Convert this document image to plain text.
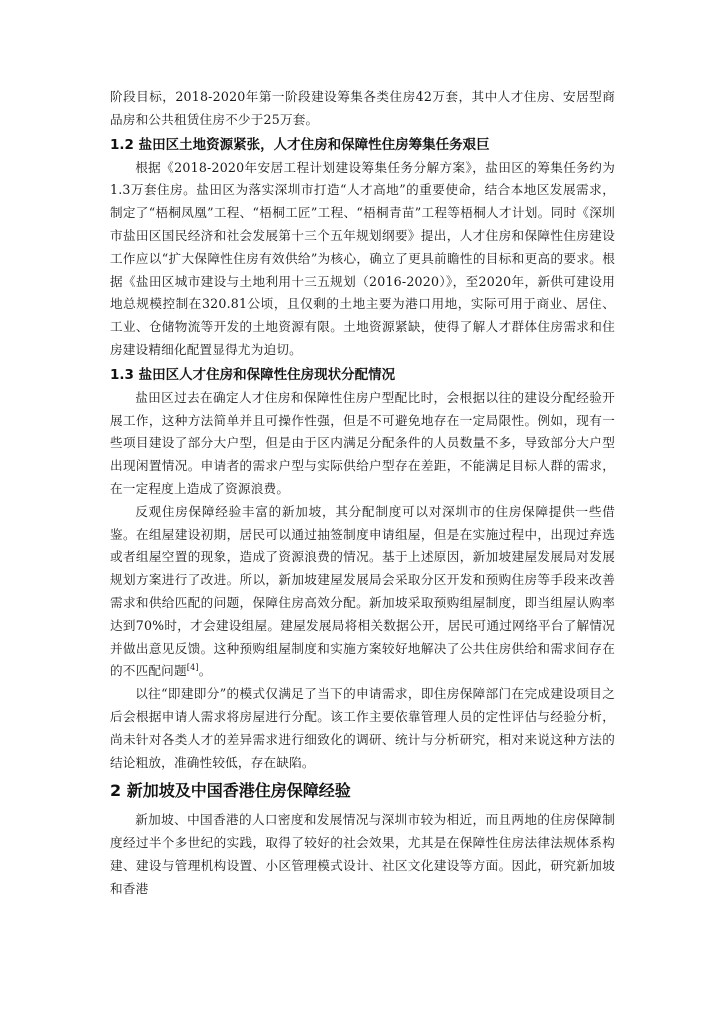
阶段目标，2018-2020年第一阶段建设筹集各类住房42万套，其中人才住房、安居型商品房和公共租赁住房不少于25万套。

1.2 盐田区土地资源紧张，人才住房和保障性住房筹集任务艰巨

根据《2018-2020年安居工程计划建设筹集任务分解方案》，盐田区的筹集任务约为1.3万套住房。盐田区为落实深圳市打造“人才高地”的重要使命，结合本地区发展需求，制定了“梧桐凤凰”工程、“梧桐工匠”工程、“梧桐青苗”工程等梧桐人才计划。同时《深圳市盐田区国民经济和社会发展第十三个五年规划纲要》提出，人才住房和保障性住房建设工作应以“扩大保障性住房有效供给”为核心，确立了更具前瞻性的目标和更高的要求。根据《盐田区城市建设与土地利用十三五规划（2016-2020）》，至2020年，新供可建设用地总规模控制在320.81公顷，且仅剩的土地主要为港口用地，实际可用于商业、居住、工业、仓储物流等开发的土地资源有限。土地资源紧缺，使得了解人才群体住房需求和住房建设精细化配置显得尤为迫切。

1.3 盐田区人才住房和保障性住房现状分配情况

盐田区过去在确定人才住房和保障性住房户型配比时，会根据以往的建设分配经验开展工作，这种方法简单并且可操作性强，但是不可避免地存在一定局限性。例如，现有一些项目建设了部分大户型，但是由于区内满足分配条件的人员数量不多，导致部分大户型出现闲置情况。申请者的需求户型与实际供给户型存在差距，不能满足目标人群的需求，在一定程度上造成了资源浪费。

反观住房保障经验丰富的新加坡，其分配制度可以对深圳市的住房保障提供一些借鉴。在组屋建设初期，居民可以通过抽签制度申请组屋，但是在实施过程中，出现过弃选或者组屋空置的现象，造成了资源浪费的情况。基于上述原因，新加坡建屋发展局对发展规划方案进行了改进。所以，新加坡建屋发展局会采取分区开发和预购住房等手段来改善需求和供给匹配的问题，保障住房高效分配。新加坡采取预购组屋制度，即当组屋认购率达到70%时，才会建设组屋。建屋发展局将相关数据公开，居民可通过网络平台了解情况并做出意见反馈。这种预购组屋制度和实施方案较好地解决了公共住房供给和需求间存在的不匹配问题[4]。

以往“即建即分”的模式仅满足了当下的申请需求，即住房保障部门在完成建设项目之后会根据申请人需求将房屋进行分配。该工作主要依靠管理人员的定性评估与经验分析，尚未针对各类人才的差异需求进行细致化的调研、统计与分析研究，相对来说这种方法的结论粗放，准确性较低，存在缺陷。

2 新加坡及中国香港住房保障经验

新加坡、中国香港的人口密度和发展情况与深圳市较为相近，而且两地的住房保障制度经过半个多世纪的实践，取得了较好的社会效果，尤其是在保障性住房法律法规体系构建、建设与管理机构设置、小区管理模式设计、社区文化建设等方面。因此，研究新加坡和香港
